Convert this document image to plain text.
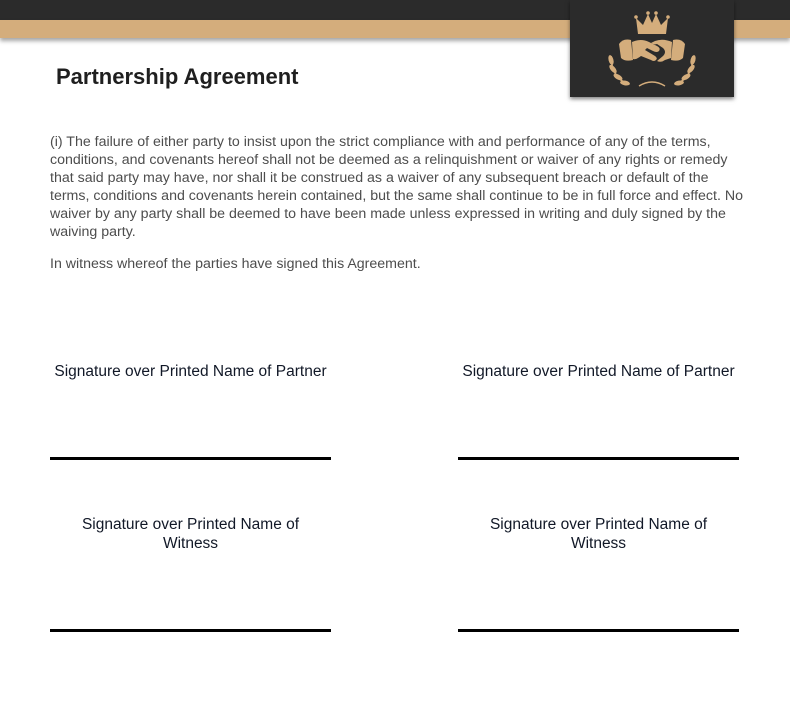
Partnership Agreement

(i) The failure of either party to insist upon the strict compliance with and performance of any of the terms, conditions, and covenants hereof shall not be deemed as a relinquishment or waiver of any rights or remedy that said party may have, nor shall it be construed as a waiver of any subsequent breach or default of the terms, conditions and covenants herein contained, but the same shall continue to be in full force and effect. No waiver by any party shall be deemed to have been made unless expressed in writing and duly signed by the waiving party.

In witness whereof the parties have signed this Agreement.

Signature over Printed Name of Partner	Signature over Printed Name of Partner
Signature over Printed Name of Witness
Signature over Printed Name of Witness
